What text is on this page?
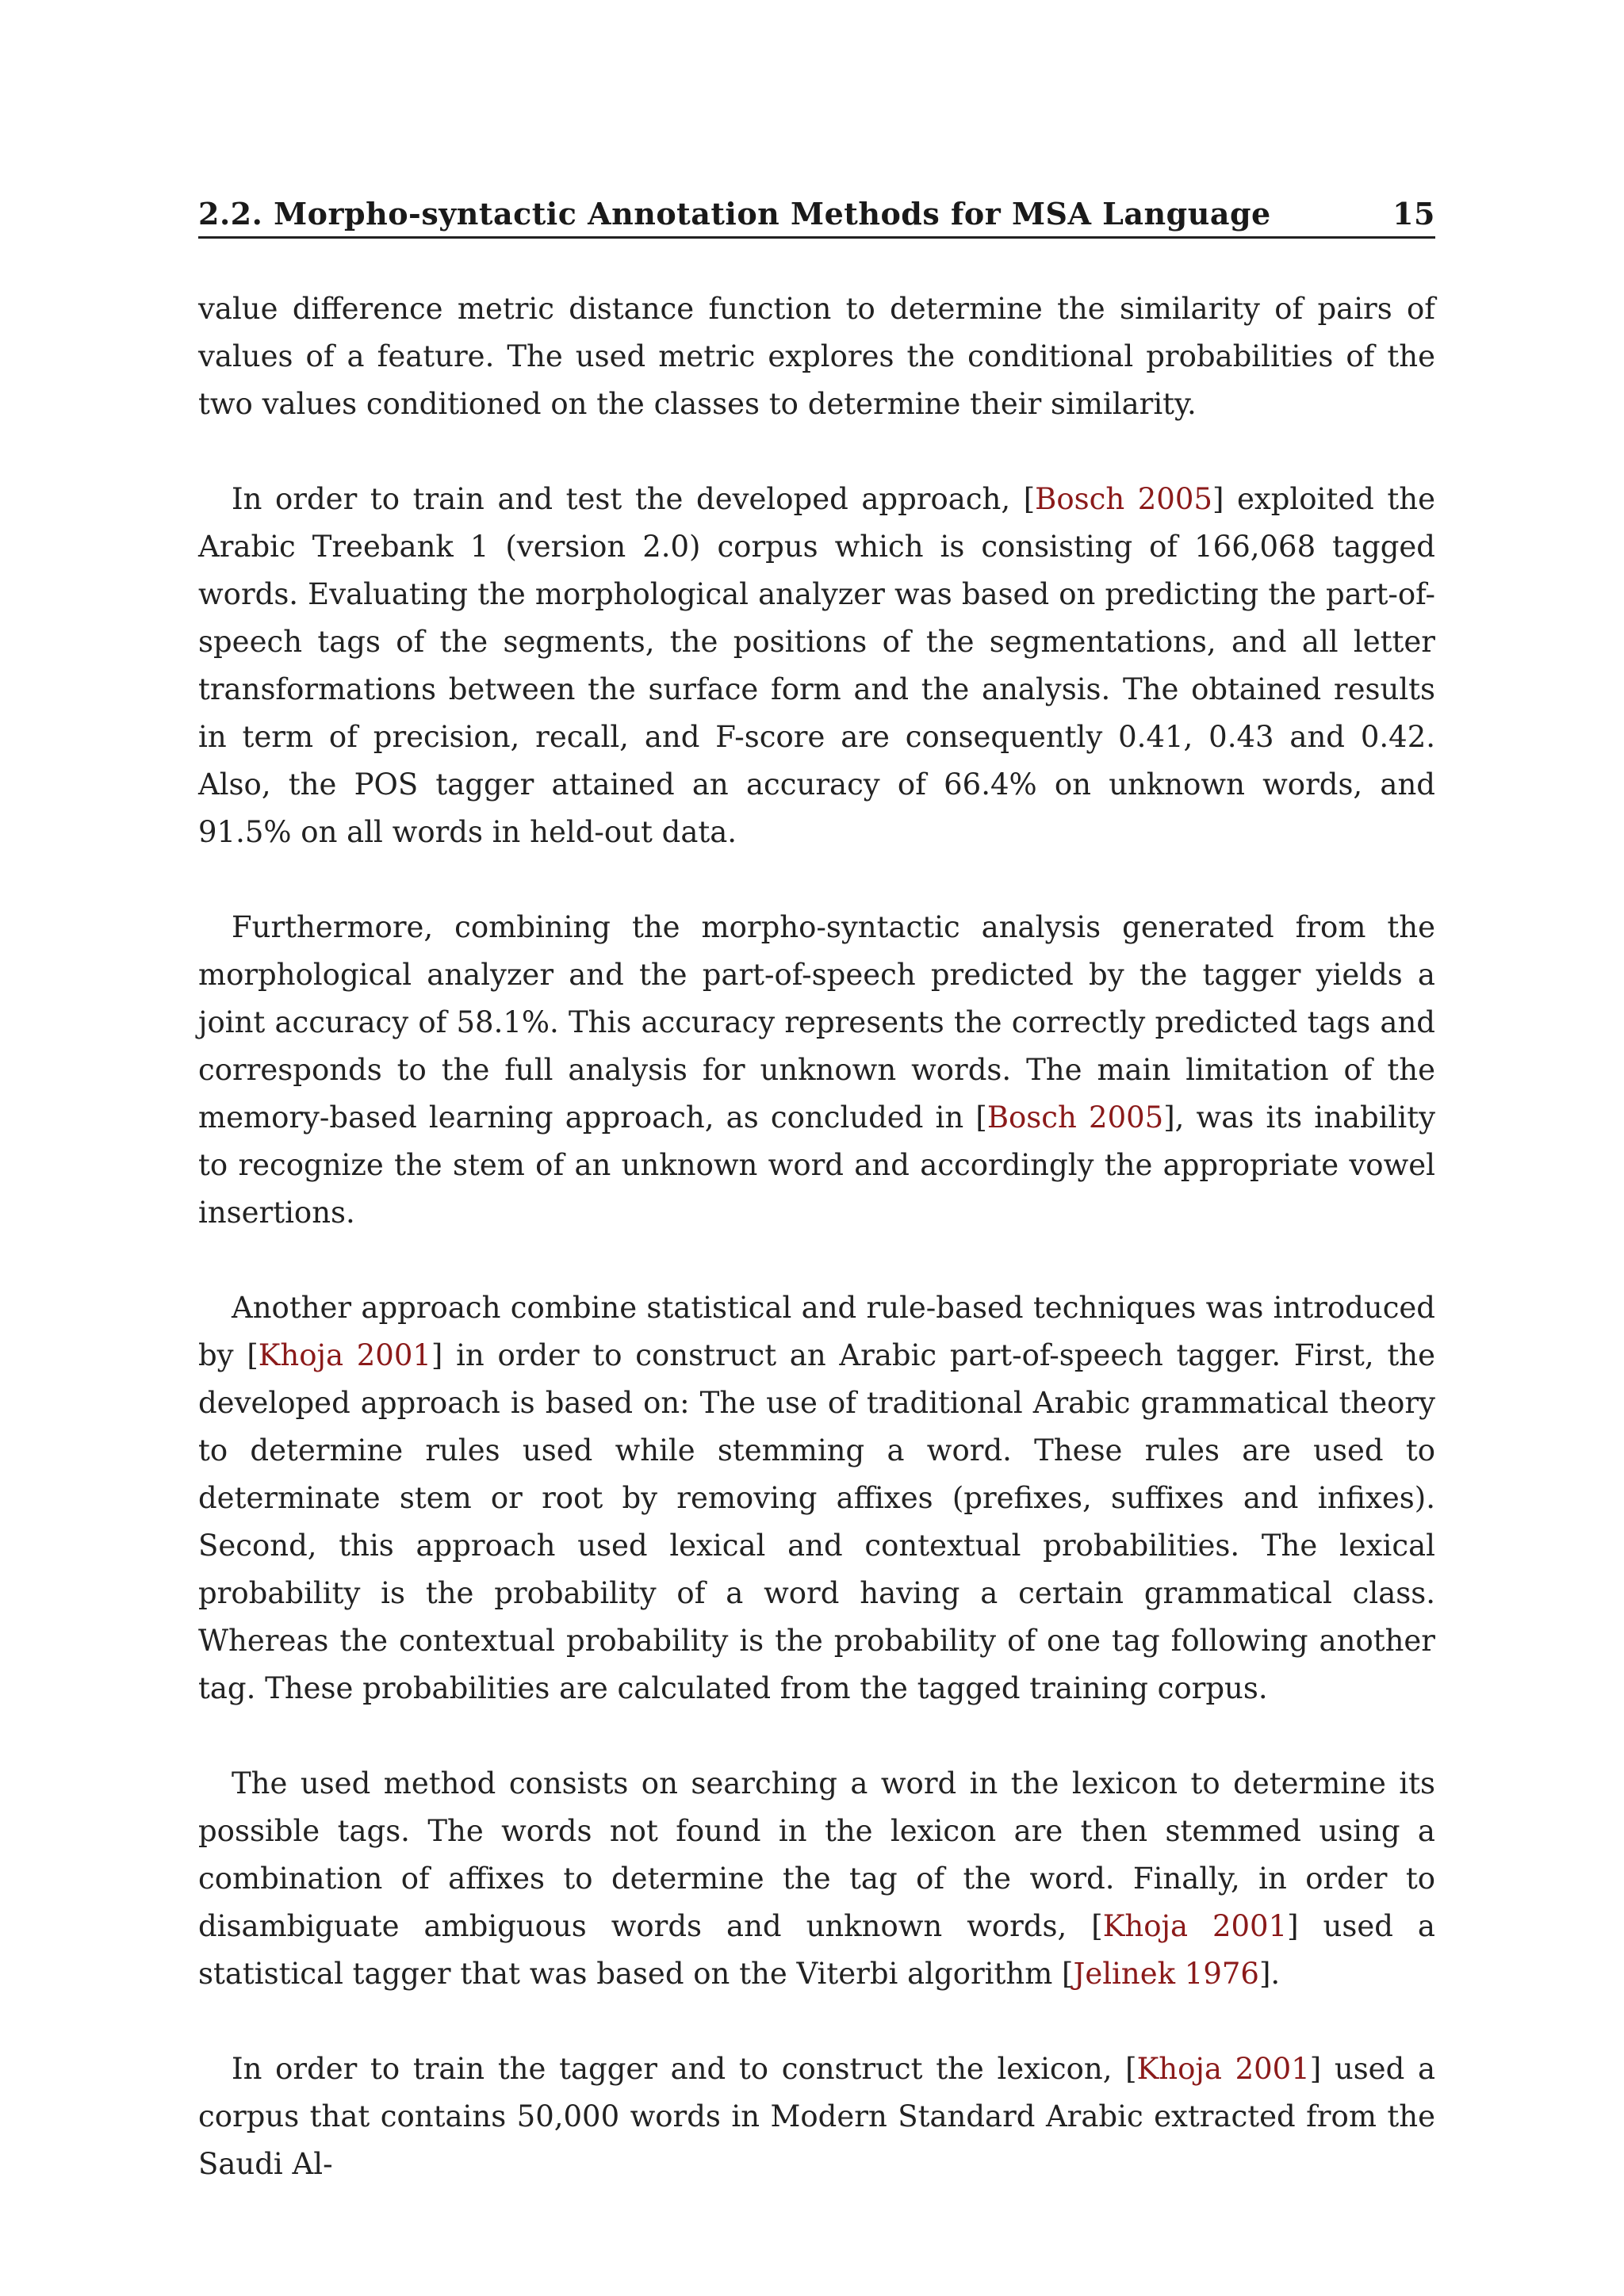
2.2. Morpho-syntactic Annotation Methods for MSA Language	15

value difference metric distance function to determine the similarity of pairs of values of a feature. The used metric explores the conditional probabilities of the two values conditioned on the classes to determine their similarity.

In order to train and test the developed approach, [Bosch 2005] exploited the Arabic Treebank 1 (version 2.0) corpus which is consisting of 166,068 tagged words. Evaluating the morphological analyzer was based on predicting the part-of- speech tags of the segments, the positions of the segmentations, and all letter transformations between the surface form and the analysis. The obtained results in term of precision, recall, and F-score are consequently 0.41, 0.43 and 0.42. Also, the POS tagger attained an accuracy of 66.4% on unknown words, and 91.5% on all words in held-out data.

Furthermore, combining the morpho-syntactic analysis generated from the morphological analyzer and the part-of-speech predicted by the tagger yields a joint accuracy of 58.1%. This accuracy represents the correctly predicted tags and corresponds to the full analysis for unknown words. The main limitation of the memory-based learning approach, as concluded in [Bosch 2005], was its inability to recognize the stem of an unknown word and accordingly the appropriate vowel insertions.

Another approach combine statistical and rule-based techniques was introduced by [Khoja 2001] in order to construct an Arabic part-of-speech tagger. First, the developed approach is based on: The use of traditional Arabic grammatical theory to determine rules used while stemming a word. These rules are used to determinate stem or root by removing affixes (prefixes, suffixes and infixes). Second, this approach used lexical and contextual probabilities. The lexical probability is the probability of a word having a certain grammatical class. Whereas the contextual probability is the probability of one tag following another tag. These probabilities are calculated from the tagged training corpus.

The used method consists on searching a word in the lexicon to determine its possible tags. The words not found in the lexicon are then stemmed using a combination of affixes to determine the tag of the word. Finally, in order to disambiguate ambiguous words and unknown words, [Khoja 2001] used a statistical tagger that was based on the Viterbi algorithm [Jelinek 1976].

In order to train the tagger and to construct the lexicon, [Khoja 2001] used a corpus that contains 50,000 words in Modern Standard Arabic extracted from the Saudi Al-
